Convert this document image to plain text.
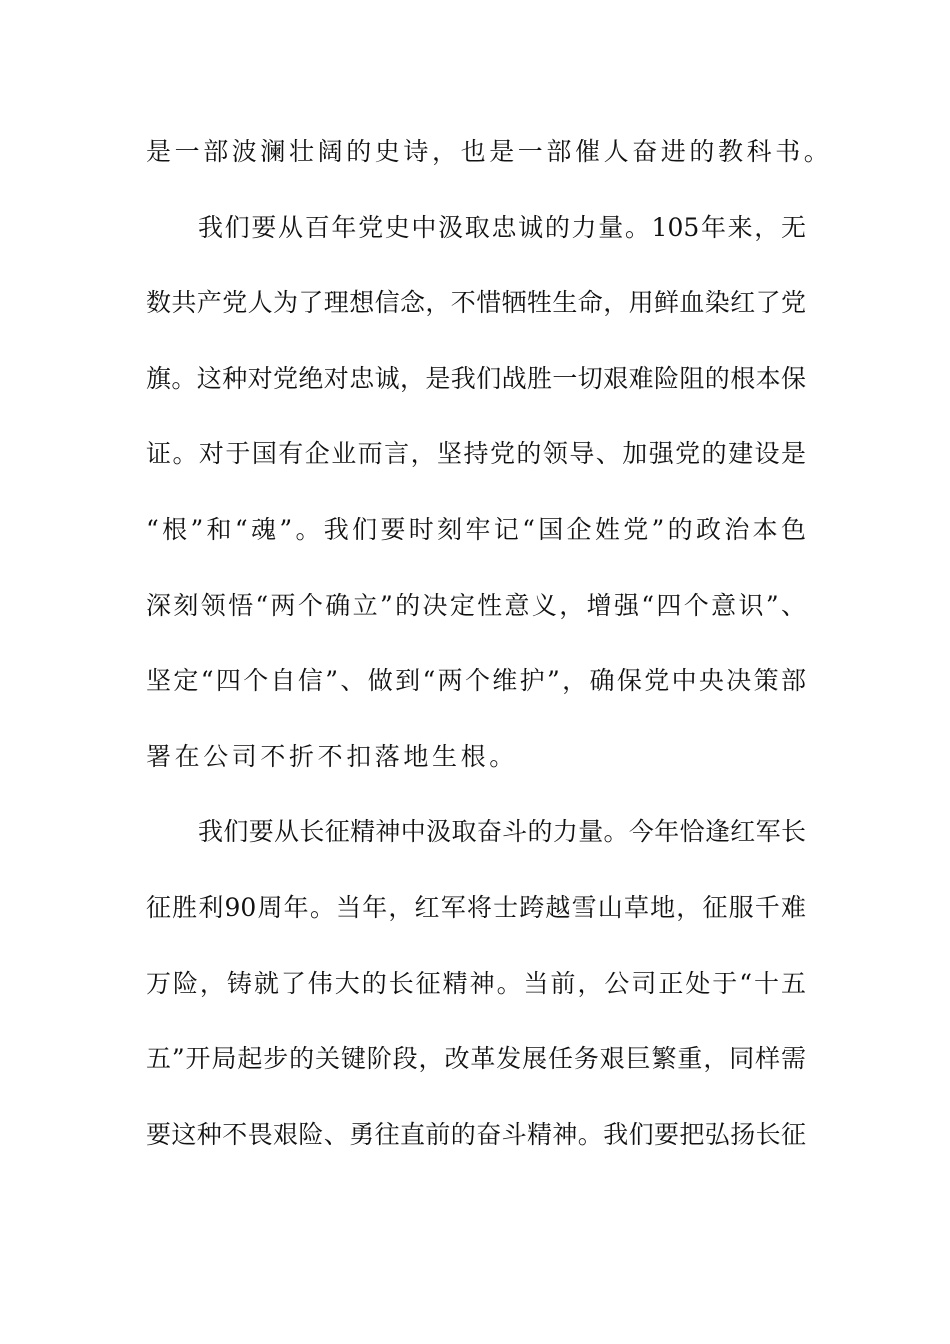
是一部波澜壮阔的史诗，也是一部催人奋进的教科书。
我们要从百年党史中汲取忠诚的力量。105年来，无
数共产党人为了理想信念，不惜牺牲生命，用鲜血染红了党
旗。这种对党绝对忠诚，是我们战胜一切艰难险阻的根本保
证。对于国有企业而言，坚持党的领导、加强党的建设是
“根”和“魂”。我们要时刻牢记“国企姓党”的政治本色
深刻领悟“两个确立”的决定性意义，增强“四个意识”、
坚定“四个自信”、做到“两个维护”，确保党中央决策部
署在公司不折不扣落地生根。
我们要从长征精神中汲取奋斗的力量。今年恰逢红军长
征胜利90周年。当年，红军将士跨越雪山草地，征服千难
万险，铸就了伟大的长征精神。当前，公司正处于“十五
五”开局起步的关键阶段，改革发展任务艰巨繁重，同样需
要这种不畏艰险、勇往直前的奋斗精神。我们要把弘扬长征
